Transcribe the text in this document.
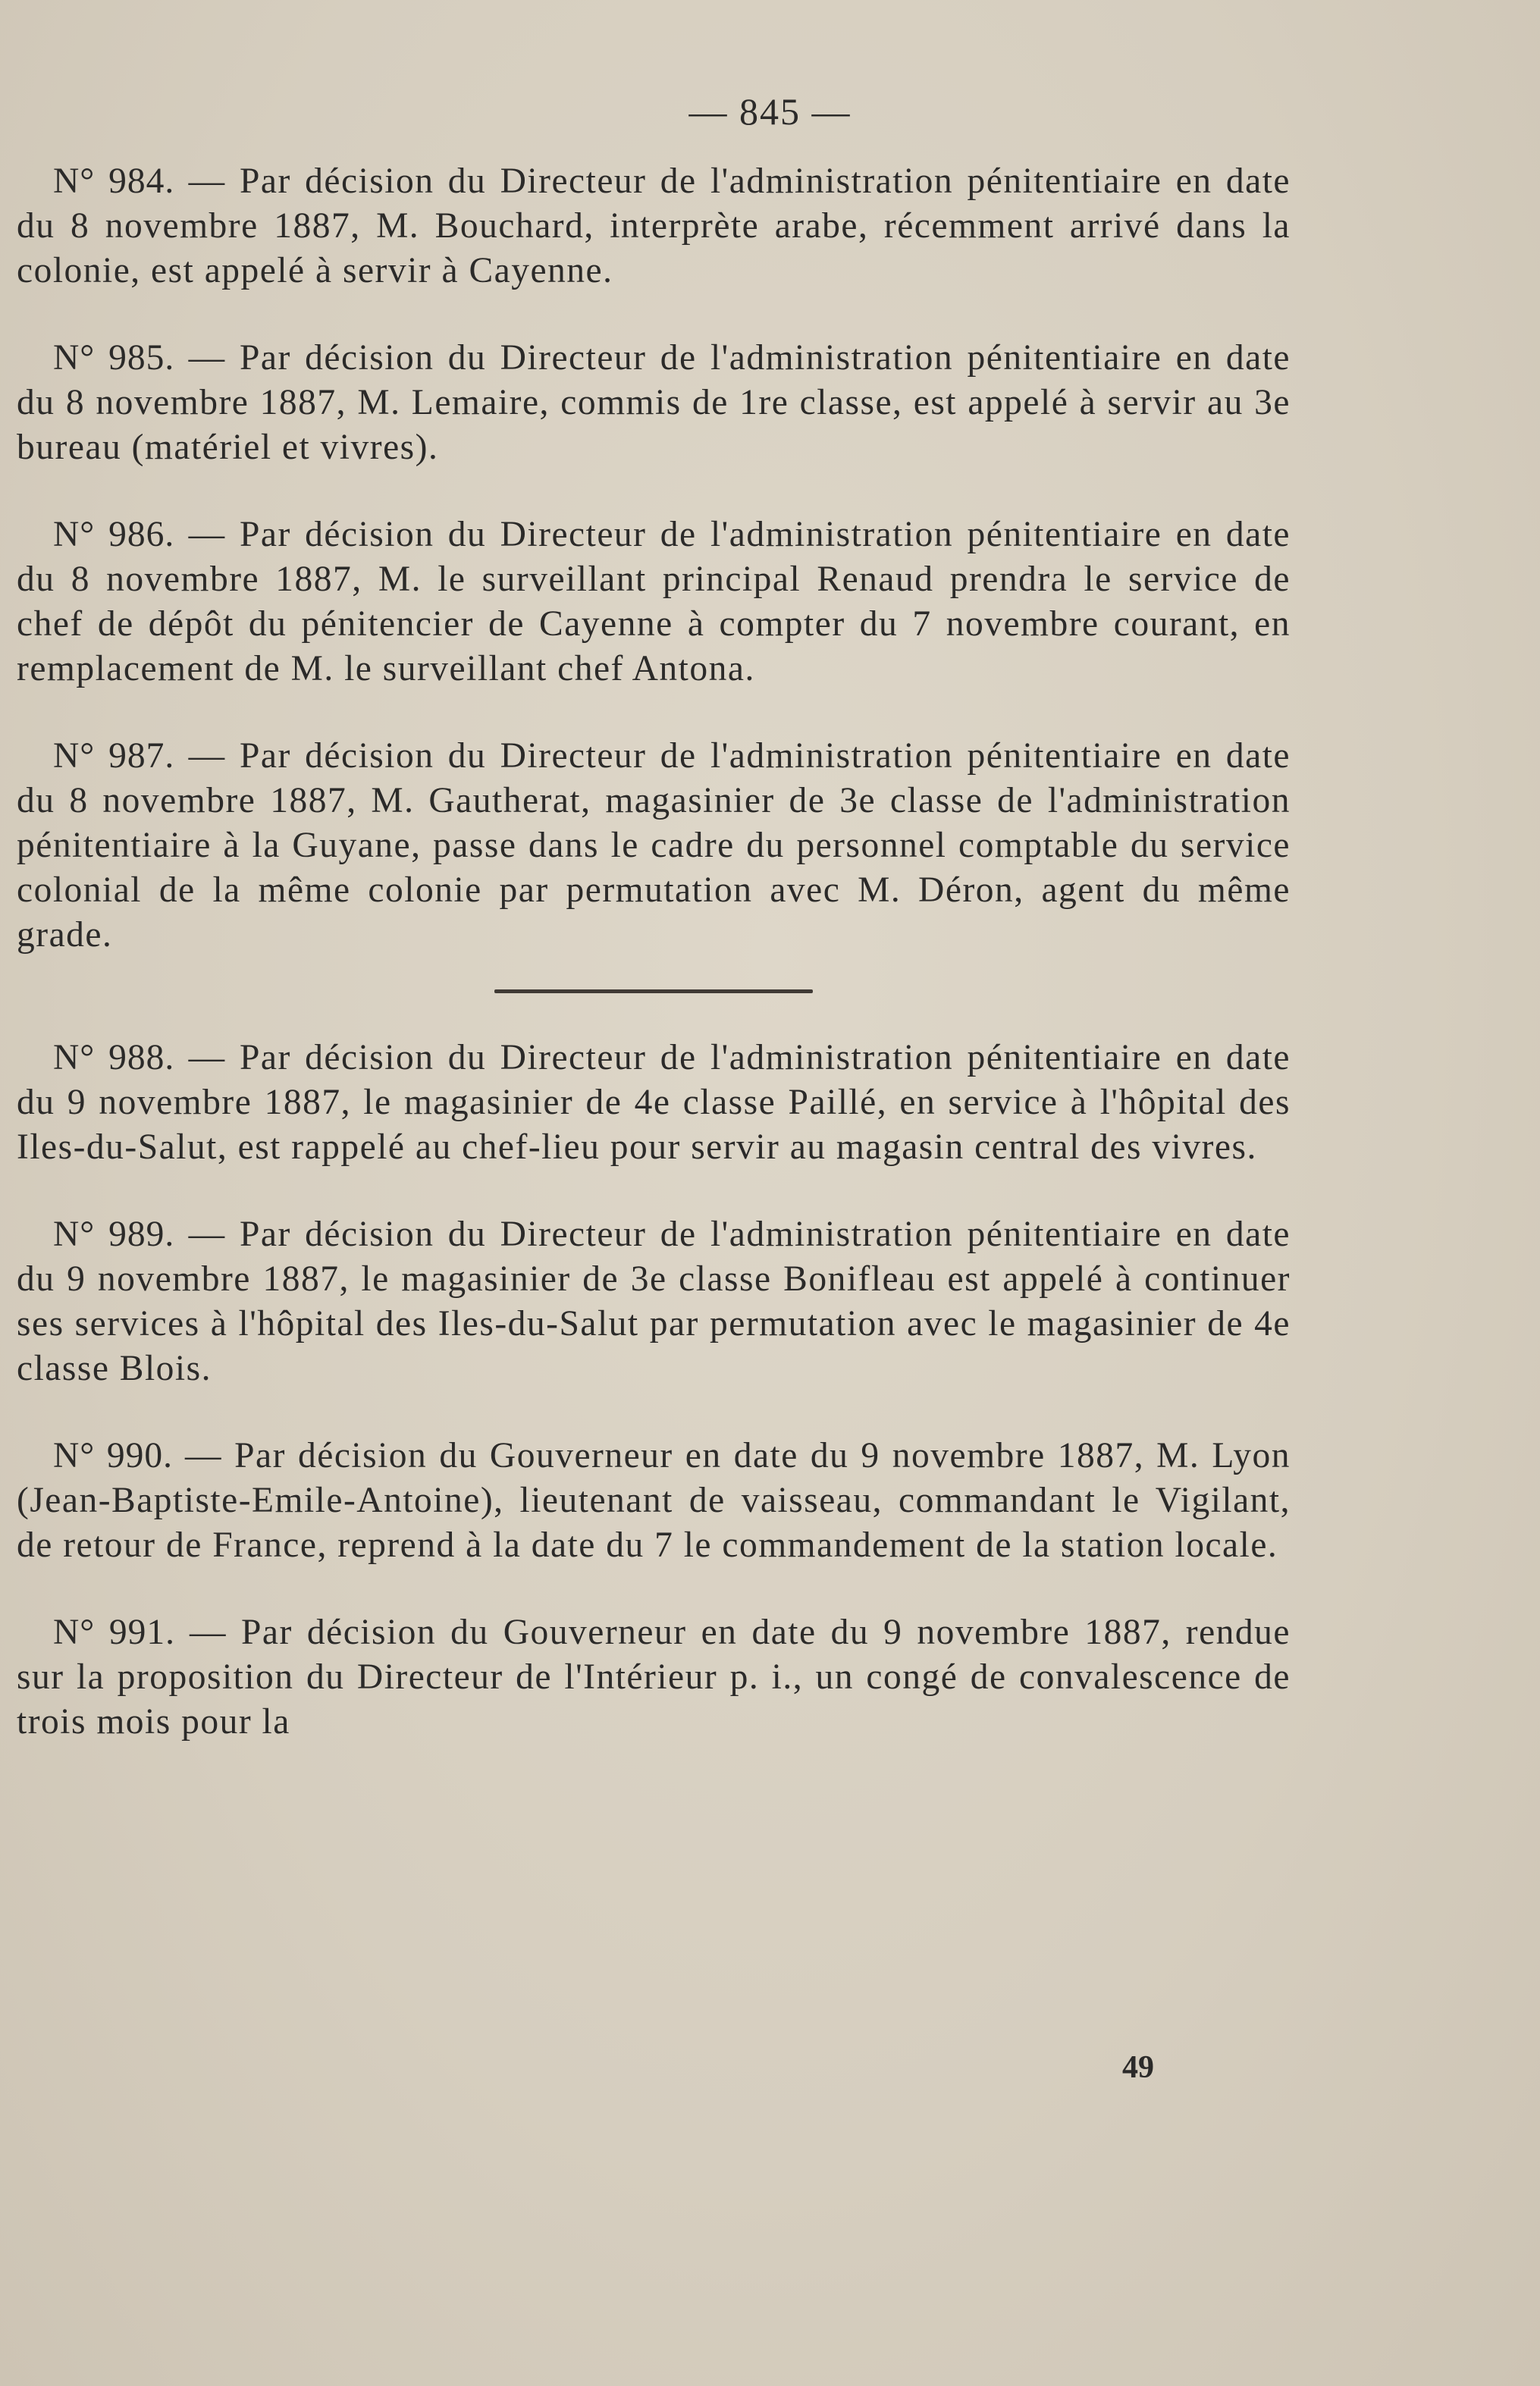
— 845 —

N° 984. — Par décision du Directeur de l'administration pénitentiaire en date du 8 novembre 1887, M. Bouchard, interprète arabe, récemment arrivé dans la colonie, est appelé à servir à Cayenne.

N° 985. — Par décision du Directeur de l'administration pénitentiaire en date du 8 novembre 1887, M. Lemaire, commis de 1re classe, est appelé à servir au 3e bureau (matériel et vivres).

N° 986. — Par décision du Directeur de l'administration pénitentiaire en date du 8 novembre 1887, M. le surveillant principal Renaud prendra le service de chef de dépôt du pénitencier de Cayenne à compter du 7 novembre courant, en remplacement de M. le surveillant chef Antona.

N° 987. — Par décision du Directeur de l'administration pénitentiaire en date du 8 novembre 1887, M. Gautherat, magasinier de 3e classe de l'administration pénitentiaire à la Guyane, passe dans le cadre du personnel comptable du service colonial de la même colonie par permutation avec M. Déron, agent du même grade.

N° 988. — Par décision du Directeur de l'administration pénitentiaire en date du 9 novembre 1887, le magasinier de 4e classe Paillé, en service à l'hôpital des Iles-du-Salut, est rappelé au chef-lieu pour servir au magasin central des vivres.

N° 989. — Par décision du Directeur de l'administration pénitentiaire en date du 9 novembre 1887, le magasinier de 3e classe Bonifleau est appelé à continuer ses services à l'hôpital des Iles-du-Salut par permutation avec le magasinier de 4e classe Blois.

N° 990. — Par décision du Gouverneur en date du 9 novembre 1887, M. Lyon (Jean-Baptiste-Emile-Antoine), lieutenant de vaisseau, commandant le Vigilant, de retour de France, reprend à la date du 7 le commandement de la station locale.

N° 991. — Par décision du Gouverneur en date du 9 novembre 1887, rendue sur la proposition du Directeur de l'Intérieur p. i., un congé de convalescence de trois mois pour la

49
